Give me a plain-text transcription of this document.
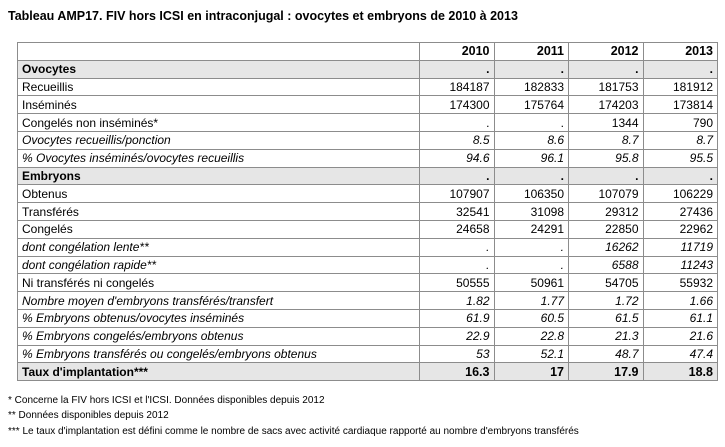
Tableau AMP17. FIV hors ICSI en intraconjugal : ovocytes et embryons de 2010 à 2013
	2010	2011	2012	2013
Ovocytes	.	.	.	.
Recueillis	184187	182833	181753	181912
Inséminés	174300	175764	174203	173814
Congelés non inséminés*	.	.	1344	790
Ovocytes recueillis/ponction	8.5	8.6	8.7	8.7
% Ovocytes inséminés/ovocytes recueillis	94.6	96.1	95.8	95.5
Embryons	.	.	.	.
Obtenus	107907	106350	107079	106229
Transférés	32541	31098	29312	27436
Congelés	24658	24291	22850	22962
dont congélation lente**	.	.	16262	11719
dont congélation rapide**	.	.	6588	11243
Ni transférés ni congelés	50555	50961	54705	55932
Nombre moyen d'embryons transférés/transfert	1.82	1.77	1.72	1.66
% Embryons obtenus/ovocytes inséminés	61.9	60.5	61.5	61.1
% Embryons congelés/embryons obtenus	22.9	22.8	21.3	21.6
% Embryons transférés ou congelés/embryons obtenus	53	52.1	48.7	47.4
Taux d'implantation***	16.3	17	17.9	18.8
* Concerne la FIV hors ICSI et l'ICSI. Données disponibles depuis 2012
** Données disponibles depuis 2012
*** Le taux d'implantation est défini comme le nombre de sacs avec activité cardiaque rapporté au nombre d'embryons transférés
